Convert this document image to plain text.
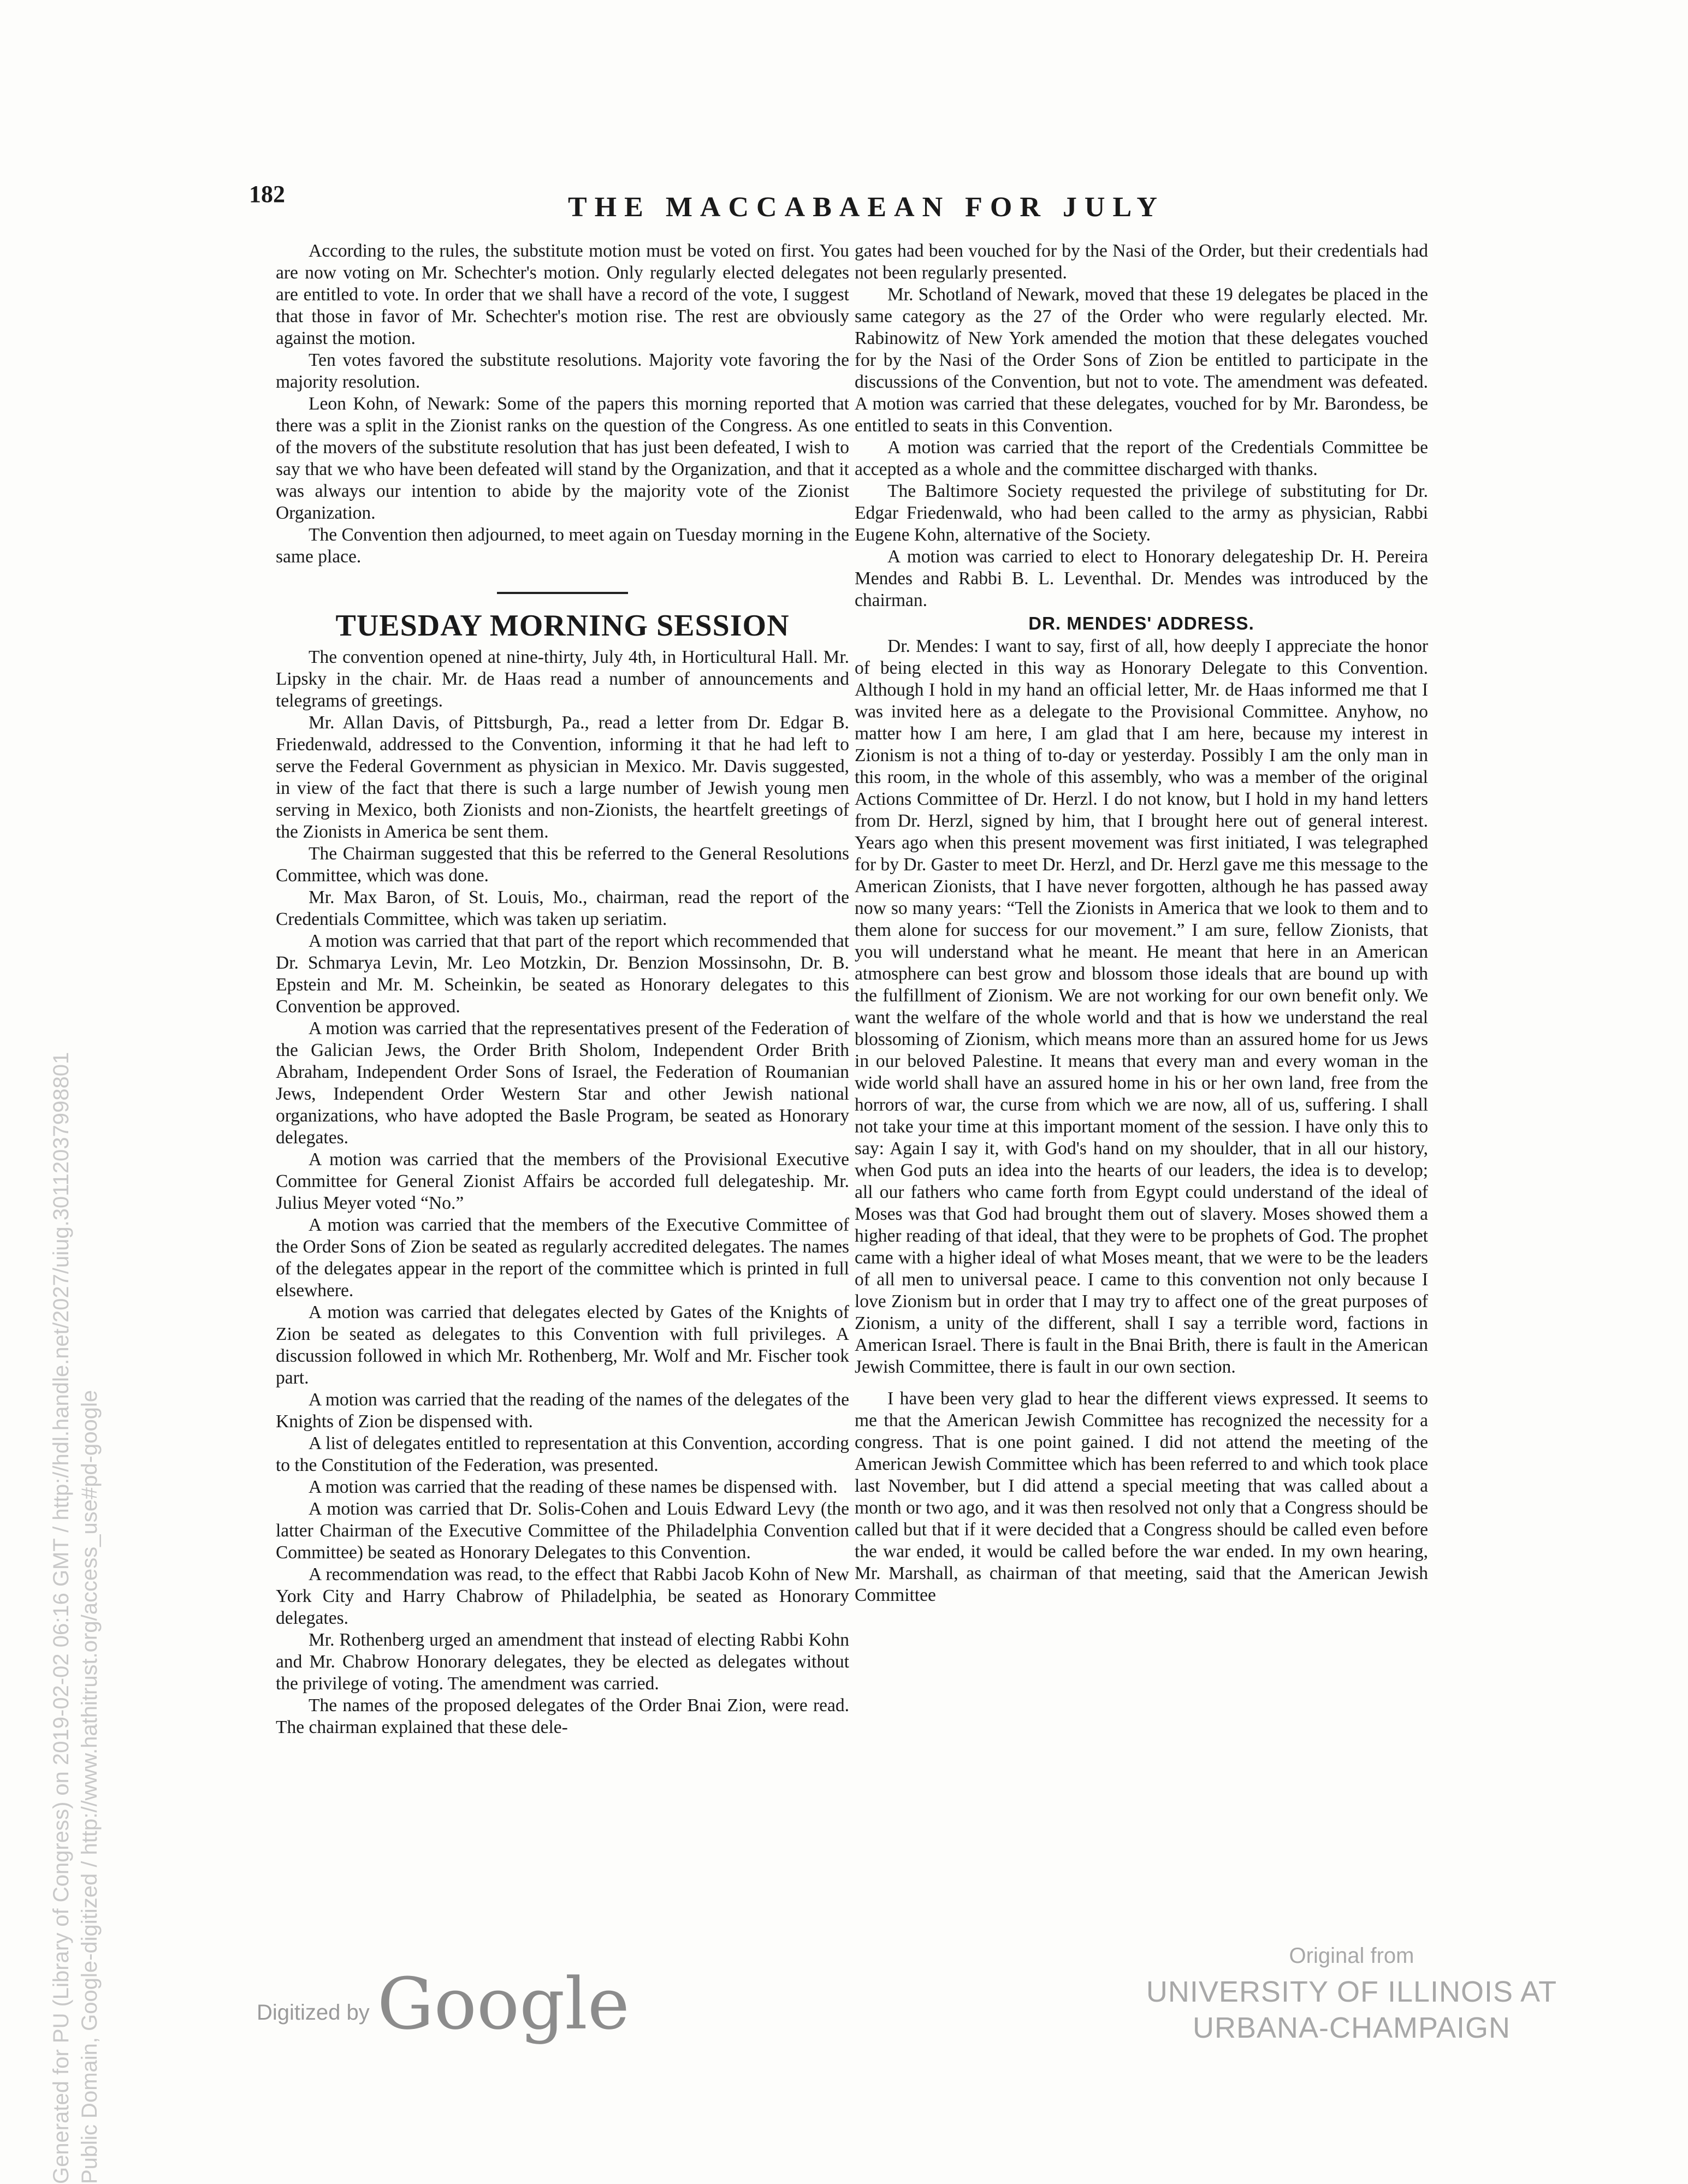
182	THE MACCABAEAN FOR JULY

According to the rules, the substitute motion must be voted on first. You are now voting on Mr. Schechter's motion. Only regularly elected delegates are entitled to vote. In order that we shall have a record of the vote, I suggest that those in favor of Mr. Schechter's motion rise. The rest are obviously against the motion.

Ten votes favored the substitute resolutions. Majority vote favoring the majority resolution.

Leon Kohn, of Newark: Some of the papers this morning reported that there was a split in the Zionist ranks on the question of the Congress. As one of the movers of the substitute resolution that has just been defeated, I wish to say that we who have been defeated will stand by the Organization, and that it was always our intention to abide by the majority vote of the Zionist Organization.

The Convention then adjourned, to meet again on Tuesday morning in the same place.

TUESDAY MORNING SESSION

The convention opened at nine-thirty, July 4th, in Horticultural Hall. Mr. Lipsky in the chair. Mr. de Haas read a number of announcements and telegrams of greetings.

Mr. Allan Davis, of Pittsburgh, Pa., read a letter from Dr. Edgar B. Friedenwald, addressed to the Convention, informing it that he had left to serve the Federal Government as physician in Mexico. Mr. Davis suggested, in view of the fact that there is such a large number of Jewish young men serving in Mexico, both Zionists and non-Zionists, the heartfelt greetings of the Zionists in America be sent them.

The Chairman suggested that this be referred to the General Resolutions Committee, which was done.

Mr. Max Baron, of St. Louis, Mo., chairman, read the report of the Credentials Committee, which was taken up seriatim.

A motion was carried that that part of the report which recommended that Dr. Schmarya Levin, Mr. Leo Motzkin, Dr. Benzion Mossinsohn, Dr. B. Epstein and Mr. M. Scheinkin, be seated as Honorary delegates to this Convention be approved.

A motion was carried that the representatives present of the Federation of the Galician Jews, the Order Brith Sholom, Independent Order Brith Abraham, Independent Order Sons of Israel, the Federation of Roumanian Jews, Independent Order Western Star and other Jewish national organizations, who have adopted the Basle Program, be seated as Honorary delegates.

A motion was carried that the members of the Provisional Executive Committee for General Zionist Affairs be accorded full delegateship. Mr. Julius Meyer voted “No.”

A motion was carried that the members of the Executive Committee of the Order Sons of Zion be seated as regularly accredited delegates. The names of the delegates appear in the report of the committee which is printed in full elsewhere.

A motion was carried that delegates elected by Gates of the Knights of Zion be seated as delegates to this Convention with full privileges. A discussion followed in which Mr. Rothenberg, Mr. Wolf and Mr. Fischer took part.

A motion was carried that the reading of the names of the delegates of the Knights of Zion be dispensed with.

A list of delegates entitled to representation at this Convention, according to the Constitution of the Federation, was presented.

A motion was carried that the reading of these names be dispensed with.

A motion was carried that Dr. Solis-Cohen and Louis Edward Levy (the latter Chairman of the Executive Committee of the Philadelphia Convention Committee) be seated as Honorary Delegates to this Convention.

A recommendation was read, to the effect that Rabbi Jacob Kohn of New York City and Harry Chabrow of Philadelphia, be seated as Honorary delegates.

Mr. Rothenberg urged an amendment that instead of electing Rabbi Kohn and Mr. Chabrow Honorary delegates, they be elected as delegates without the privilege of voting. The amendment was carried.

The names of the proposed delegates of the Order Bnai Zion, were read. The chairman explained that these dele-

gates had been vouched for by the Nasi of the Order, but their credentials had not been regularly presented.

Mr. Schotland of Newark, moved that these 19 delegates be placed in the same category as the 27 of the Order who were regularly elected. Mr. Rabinowitz of New York amended the motion that these delegates vouched for by the Nasi of the Order Sons of Zion be entitled to participate in the discussions of the Convention, but not to vote. The amendment was defeated. A motion was carried that these delegates, vouched for by Mr. Barondess, be entitled to seats in this Convention.

A motion was carried that the report of the Credentials Committee be accepted as a whole and the committee discharged with thanks.

The Baltimore Society requested the privilege of substituting for Dr. Edgar Friedenwald, who had been called to the army as physician, Rabbi Eugene Kohn, alternative of the Society.

A motion was carried to elect to Honorary delegateship Dr. H. Pereira Mendes and Rabbi B. L. Leventhal. Dr. Mendes was introduced by the chairman.

DR. MENDES' ADDRESS.

Dr. Mendes: I want to say, first of all, how deeply I appreciate the honor of being elected in this way as Honorary Delegate to this Convention. Although I hold in my hand an official letter, Mr. de Haas informed me that I was invited here as a delegate to the Provisional Committee. Anyhow, no matter how I am here, I am glad that I am here, because my interest in Zionism is not a thing of to-day or yesterday. Possibly I am the only man in this room, in the whole of this assembly, who was a member of the original Actions Committee of Dr. Herzl. I do not know, but I hold in my hand letters from Dr. Herzl, signed by him, that I brought here out of general interest. Years ago when this present movement was first initiated, I was telegraphed for by Dr. Gaster to meet Dr. Herzl, and Dr. Herzl gave me this message to the American Zionists, that I have never forgotten, although he has passed away now so many years: “Tell the Zionists in America that we look to them and to them alone for success for our movement.” I am sure, fellow Zionists, that you will understand what he meant. He meant that here in an American atmosphere can best grow and blossom those ideals that are bound up with the fulfillment of Zionism. We are not working for our own benefit only. We want the welfare of the whole world and that is how we understand the real blossoming of Zionism, which means more than an assured home for us Jews in our beloved Palestine. It means that every man and every woman in the wide world shall have an assured home in his or her own land, free from the horrors of war, the curse from which we are now, all of us, suffering. I shall not take your time at this important moment of the session. I have only this to say: Again I say it, with God's hand on my shoulder, that in all our history, when God puts an idea into the hearts of our leaders, the idea is to develop; all our fathers who came forth from Egypt could understand of the ideal of Moses was that God had brought them out of slavery. Moses showed them a higher reading of that ideal, that they were to be prophets of God. The prophet came with a higher ideal of what Moses meant, that we were to be the leaders of all men to universal peace. I came to this convention not only because I love Zionism but in order that I may try to affect one of the great purposes of Zionism, a unity of the different, shall I say a terrible word, factions in American Israel. There is fault in the Bnai Brith, there is fault in the American Jewish Committee, there is fault in our own section.

I have been very glad to hear the different views expressed. It seems to me that the American Jewish Committee has recognized the necessity for a congress. That is one point gained. I did not attend the meeting of the American Jewish Committee which has been referred to and which took place last November, but I did attend a special meeting that was called about a month or two ago, and it was then resolved not only that a Congress should be called but that if it were decided that a Congress should be called even before the war ended, it would be called before the war ended. In my own hearing, Mr. Marshall, as chairman of that meeting, said that the American Jewish Committee

Digitized by Google
Original from
UNIVERSITY OF ILLINOIS AT
URBANA-CHAMPAIGN
Generated for PU (Library of Congress) on 2019-02-02 06:16 GMT / http://hdl.handle.net/2027/uiug.30112037998801 Public Domain, Google-digitized / http://www.hathitrust.org/access_use#pd-google
